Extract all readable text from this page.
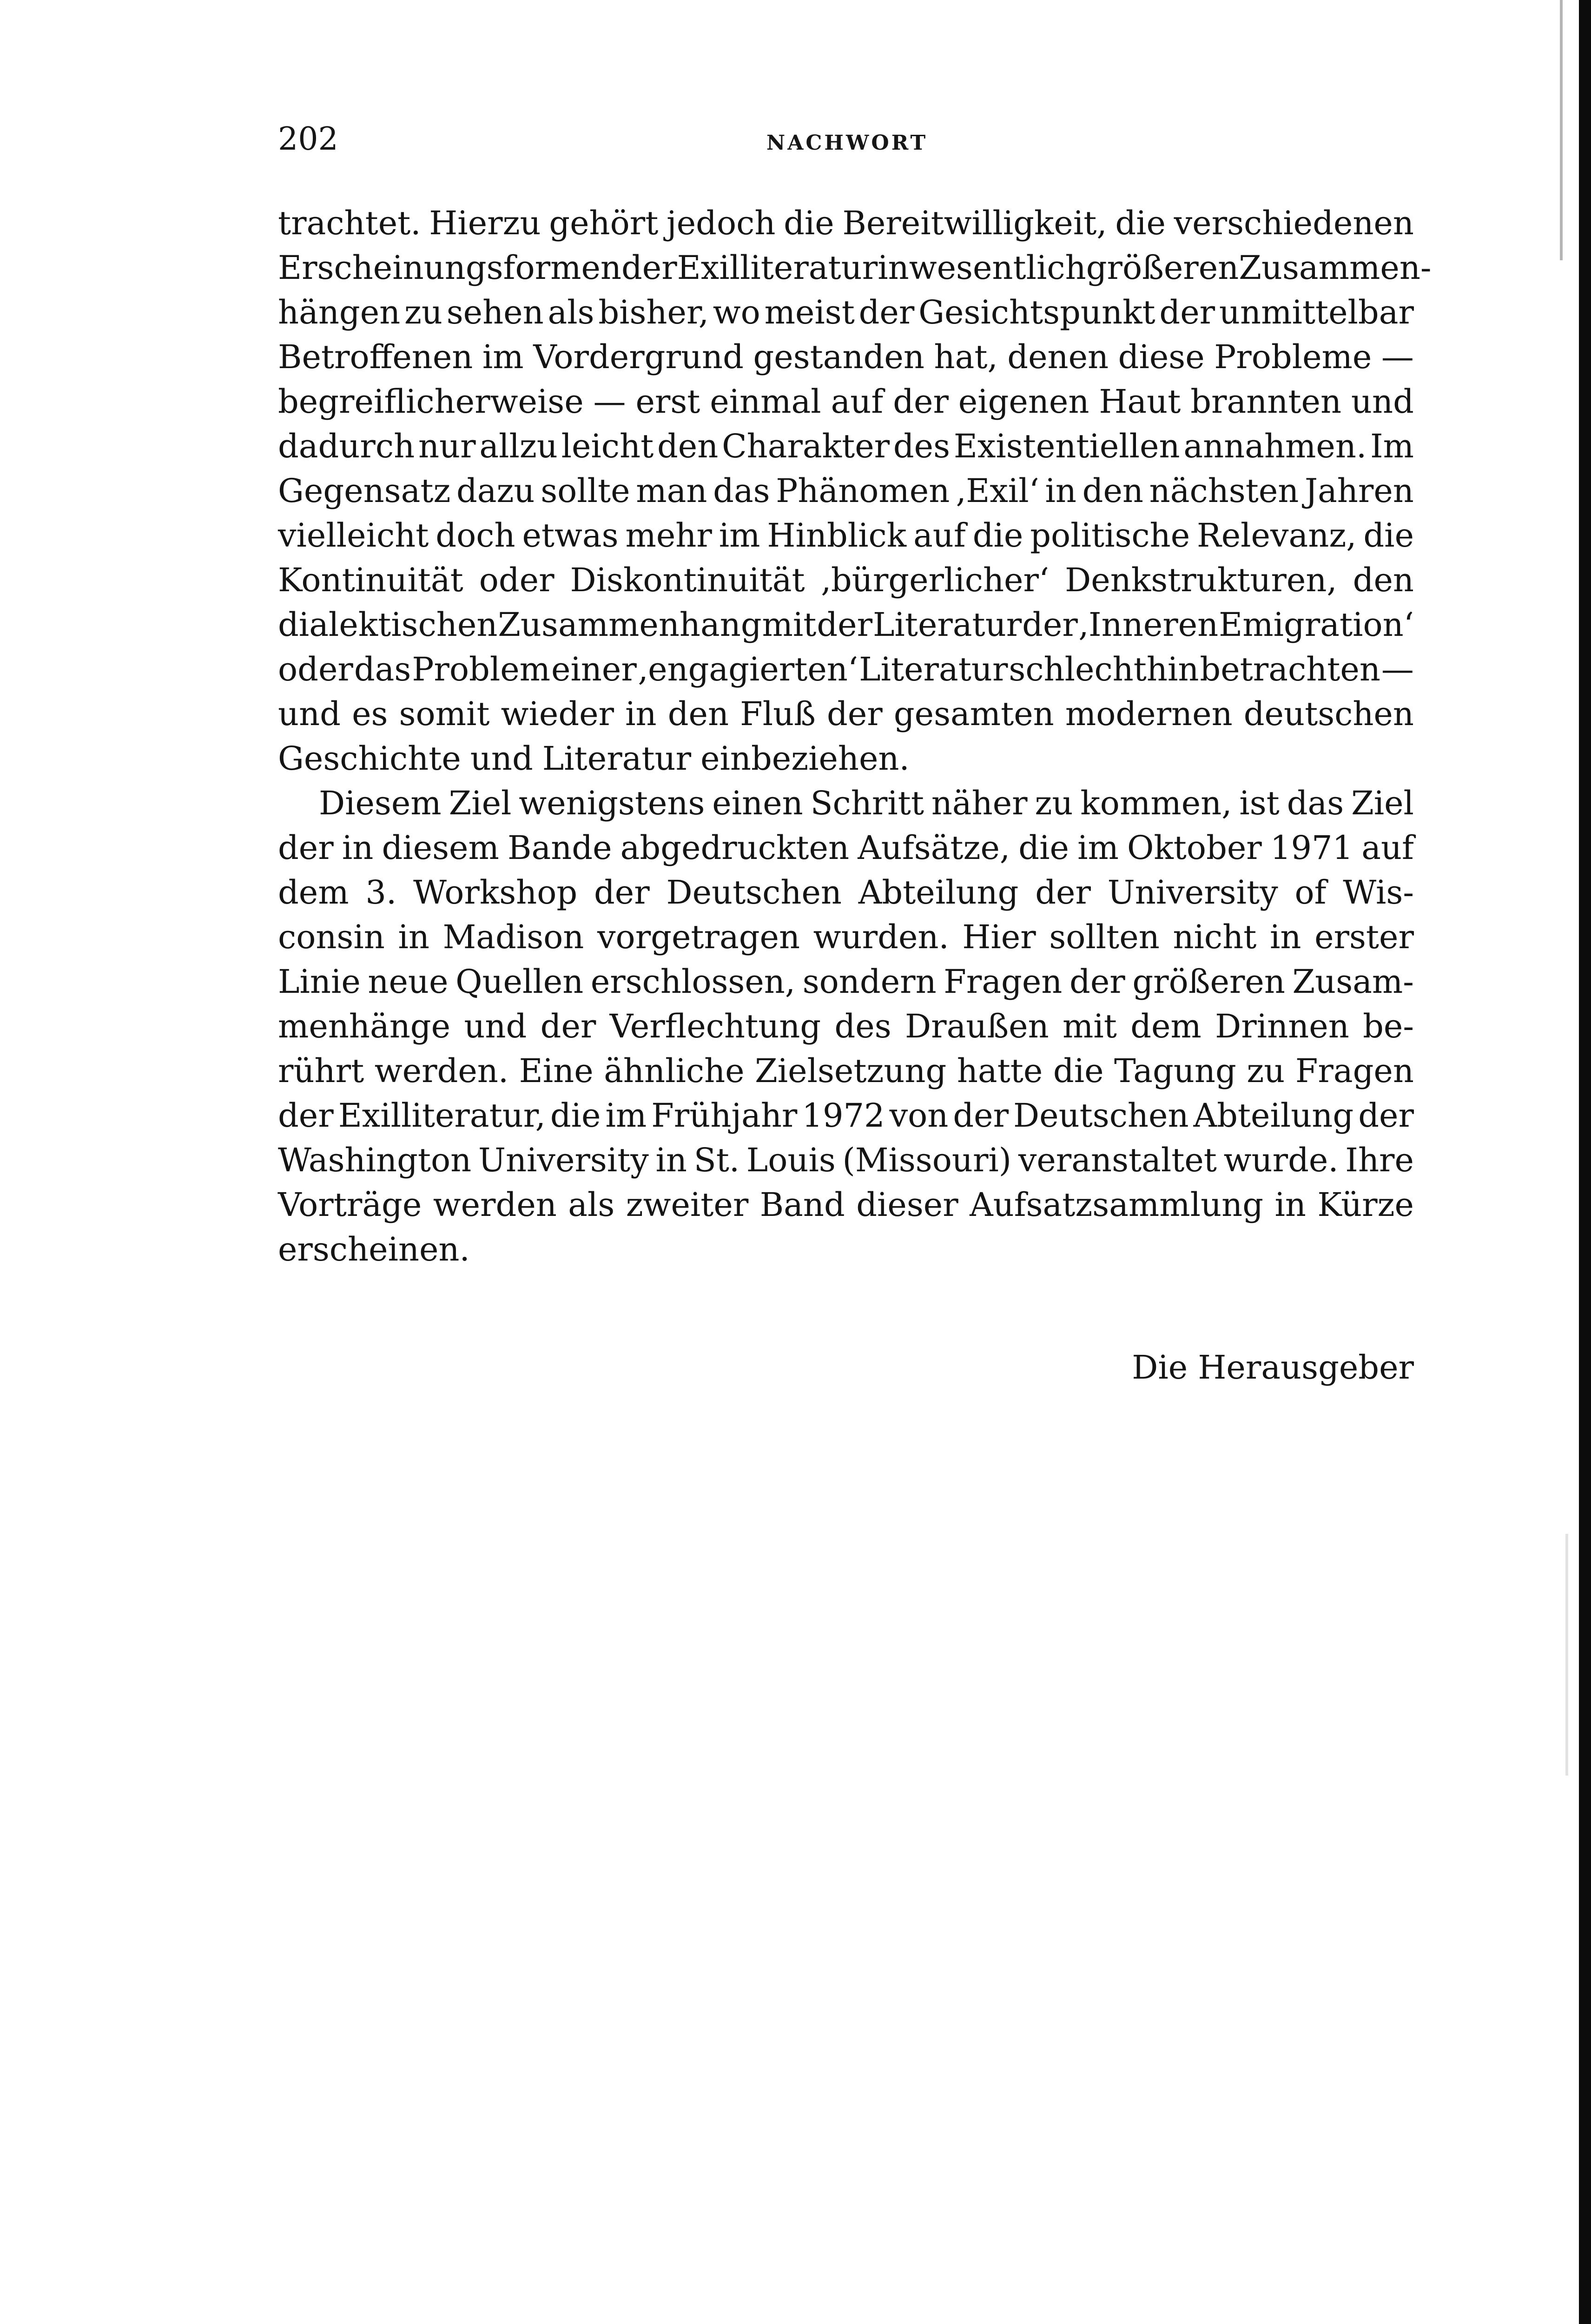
202	NACHWORT
trachtet. Hierzu gehört jedoch die Bereitwilligkeit, die verschiedenen
Erscheinungsformen der Exilliteratur in wesentlich größeren Zusammen-
hängen zu sehen als bisher, wo meist der Gesichtspunkt der unmittelbar
Betroffenen im Vordergrund gestanden hat, denen diese Probleme —
begreiflicherweise — erst einmal auf der eigenen Haut brannten und
dadurch nur allzu leicht den Charakter des Existentiellen annahmen. Im
Gegensatz dazu sollte man das Phänomen ‚Exil‘ in den nächsten Jahren
vielleicht doch etwas mehr im Hinblick auf die politische Relevanz, die
Kontinuität oder Diskontinuität ‚bürgerlicher‘ Denkstrukturen, den
dialektischen Zusammenhang mit der Literatur der ‚Inneren Emigration‘
oder das Problem einer ‚engagierten‘ Literatur schlechthin betrachten —
und es somit wieder in den Fluß der gesamten modernen deutschen
Geschichte und Literatur einbeziehen.
Diesem Ziel wenigstens einen Schritt näher zu kommen, ist das Ziel
der in diesem Bande abgedruckten Aufsätze, die im Oktober 1971 auf
dem 3. Workshop der Deutschen Abteilung der University of Wis-
consin in Madison vorgetragen wurden. Hier sollten nicht in erster
Linie neue Quellen erschlossen, sondern Fragen der größeren Zusam-
menhänge und der Verflechtung des Draußen mit dem Drinnen be-
rührt werden. Eine ähnliche Zielsetzung hatte die Tagung zu Fragen
der Exilliteratur, die im Frühjahr 1972 von der Deutschen Abteilung der
Washington University in St. Louis (Missouri) veranstaltet wurde. Ihre
Vorträge werden als zweiter Band dieser Aufsatzsammlung in Kürze
erscheinen.
Die Herausgeber
